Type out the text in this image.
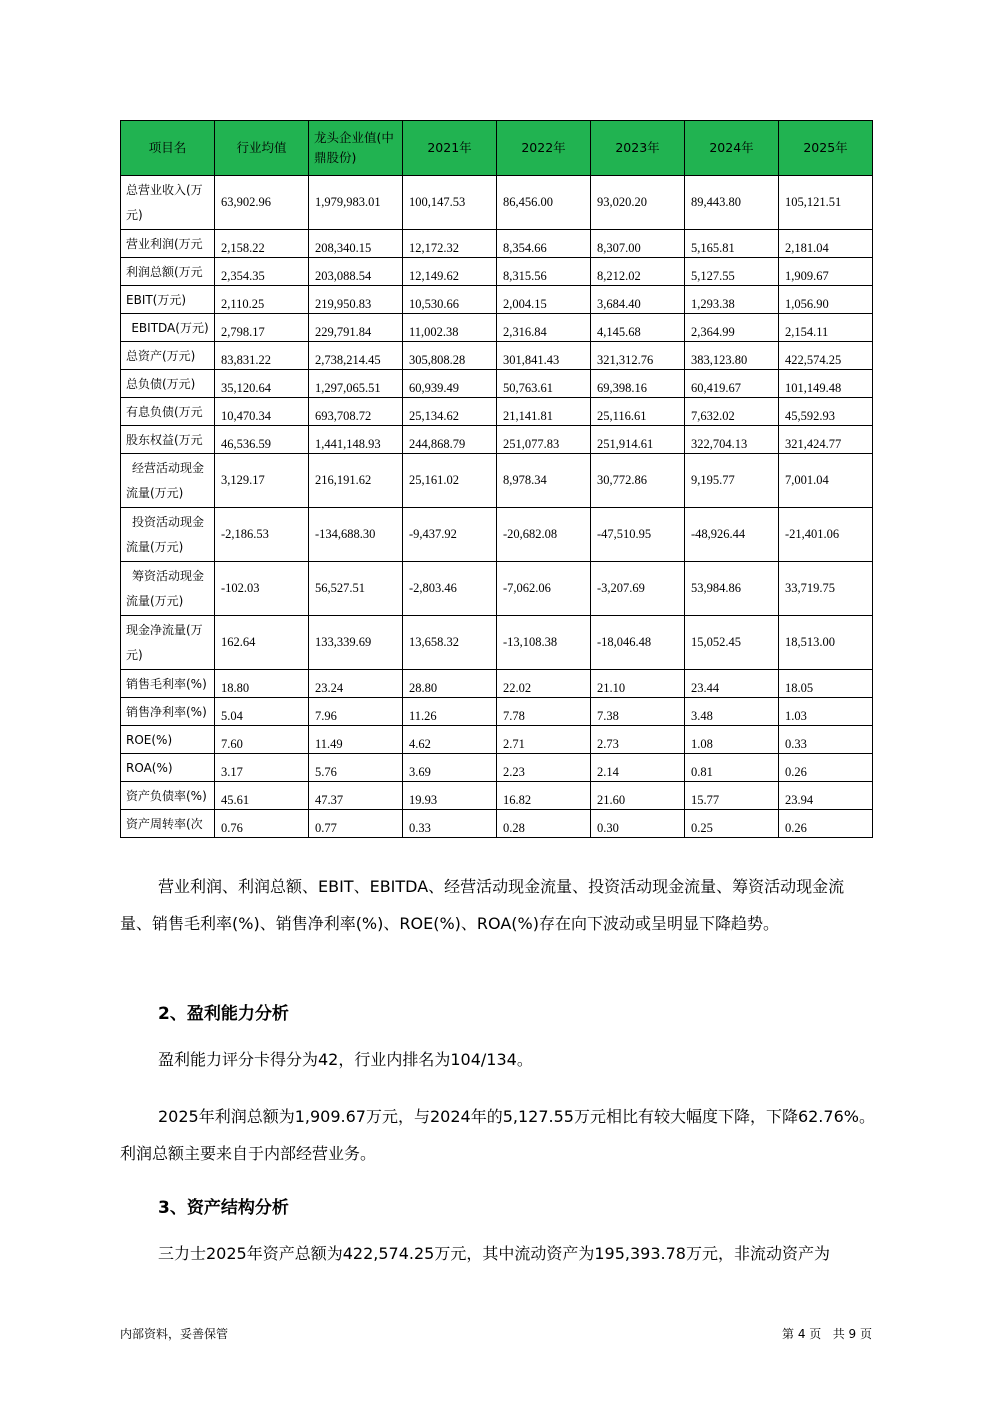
项目名	行业均值	龙头企业值(中鼎股份)	2021年	2022年	2023年	2024年	2025年
总营业收入(万元)	63,902.96	1,979,983.01	100,147.53	86,456.00	93,020.20	89,443.80	105,121.51
营业利润(万元	2,158.22	208,340.15	12,172.32	8,354.66	8,307.00	5,165.81	2,181.04
利润总额(万元	2,354.35	203,088.54	12,149.62	8,315.56	8,212.02	5,127.55	1,909.67
EBIT(万元)	2,110.25	219,950.83	10,530.66	2,004.15	3,684.40	1,293.38	1,056.90
EBITDA(万元)	2,798.17	229,791.84	11,002.38	2,316.84	4,145.68	2,364.99	2,154.11
总资产(万元)	83,831.22	2,738,214.45	305,808.28	301,841.43	321,312.76	383,123.80	422,574.25
总负债(万元)	35,120.64	1,297,065.51	60,939.49	50,763.61	69,398.16	60,419.67	101,149.48
有息负债(万元	10,470.34	693,708.72	25,134.62	21,141.81	25,116.61	7,632.02	45,592.93
股东权益(万元	46,536.59	1,441,148.93	244,868.79	251,077.83	251,914.61	322,704.13	321,424.77
经营活动现金流量(万元)	3,129.17	216,191.62	25,161.02	8,978.34	30,772.86	9,195.77	7,001.04
投资活动现金流量(万元)	-2,186.53	-134,688.30	-9,437.92	-20,682.08	-47,510.95	-48,926.44	-21,401.06
筹资活动现金流量(万元)	-102.03	56,527.51	-2,803.46	-7,062.06	-3,207.69	53,984.86	33,719.75
现金净流量(万元)	162.64	133,339.69	13,658.32	-13,108.38	-18,046.48	15,052.45	18,513.00
销售毛利率(%)	18.80	23.24	28.80	22.02	21.10	23.44	18.05
销售净利率(%)	5.04	7.96	11.26	7.78	7.38	3.48	1.03
ROE(%)	7.60	11.49	4.62	2.71	2.73	1.08	0.33
ROA(%)	3.17	5.76	3.69	2.23	2.14	0.81	0.26
资产负债率(%)	45.61	47.37	19.93	16.82	21.60	15.77	23.94
资产周转率(次	0.76	0.77	0.33	0.28	0.30	0.25	0.26
营业利润、利润总额、EBIT、EBITDA、经营活动现金流量、投资活动现金流量、筹资活动现金流量、销售毛利率(%)、销售净利率(%)、ROE(%)、ROA(%)存在向下波动或呈明显下降趋势。
2、盈利能力分析
盈利能力评分卡得分为42，行业内排名为104/134。
2025年利润总额为1,909.67万元，与2024年的5,127.55万元相比有较大幅度下降，下降62.76%。利润总额主要来自于内部经营业务。
3、资产结构分析
三力士2025年资产总额为422,574.25万元，其中流动资产为195,393.78万元，非流动资产为
内部资料，妥善保管	第 4 页   共 9 页
